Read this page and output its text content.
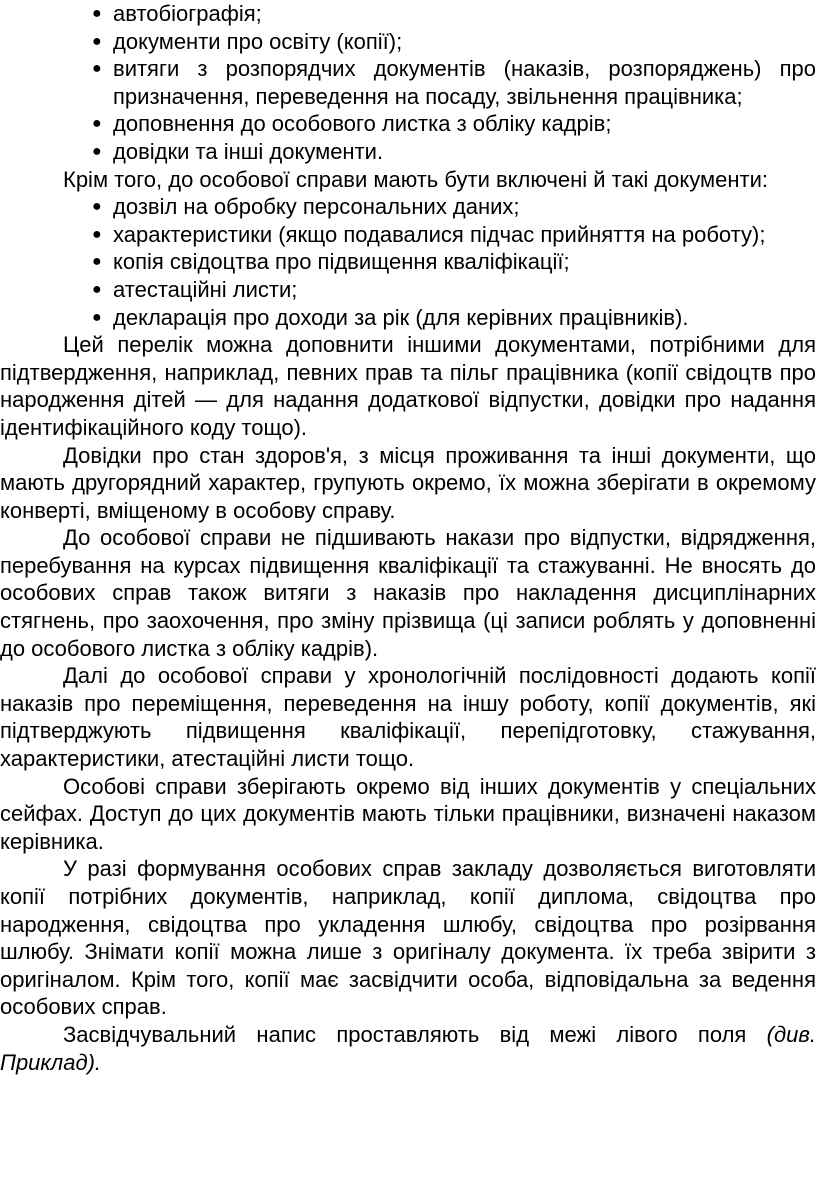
● автобіографія;
● документи про освіту (копії);
● витяги з розпорядчих документів (наказів, розпоряджень) про призначення, переведення на посаду, звільнення працівника;
● доповнення до особового листка з обліку кадрів;
● довідки та інші документи.

Крім того, до особової справи мають бути включені й такі документи:

● дозвіл на обробку персональних даних;
● характеристики (якщо подавалися підчас прийняття на роботу);
● копія свідоцтва про підвищення кваліфікації;
● атестаційні листи;
● декларація про доходи за рік (для керівних працівників).

Цей перелік можна доповнити іншими документами, потрібними для підтвердження, наприклад, певних прав та пільг працівника (копії свідоцтв про народження дітей — для надання додаткової відпустки, довідки про надання ідентифікаційного коду тощо).

Довідки про стан здоров'я, з місця проживання та інші документи, що мають другорядний характер, групують окремо, їх можна зберігати в окремому конверті, вміщеному в особову справу.

До особової справи не підшивають накази про відпустки, відрядження, перебування на курсах підвищення кваліфікації та стажуванні. Не вносять до особових справ також витяги з наказів про накладення дисциплінарних стягнень, про заохочення, про зміну прізвища (ці записи роблять у доповненні до особового листка з обліку кадрів).

Далі до особової справи у хронологічній послідовності додають копії наказів про переміщення, переведення на іншу роботу, копії документів, які підтверджують підвищення кваліфікації, перепідготовку, стажування, характеристики, атестаційні листи тощо.

Особові справи зберігають окремо від інших документів у спеціальних сейфах. Доступ до цих документів мають тільки працівники, визначені наказом керівника.

У разі формування особових справ закладу дозволяється виготовляти копії потрібних документів, наприклад, копії диплома, свідоцтва про народження, свідоцтва про укладення шлюбу, свідоцтва про розірвання шлюбу. Знімати копії можна лише з оригіналу документа. їх треба звірити з оригіналом. Крім того, копії має засвідчити особа, відповідальна за ведення особових справ.

Засвідчувальний напис проставляють від межі лівого поля (див. Приклад).
